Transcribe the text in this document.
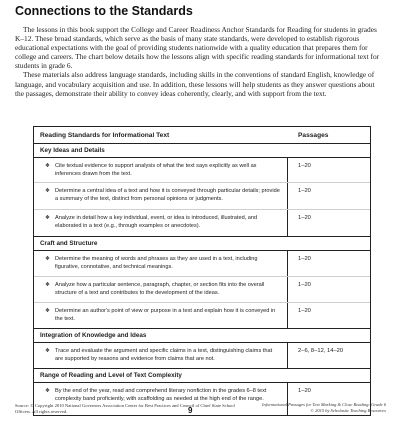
Connections to the Standards

The lessons in this book support the College and Career Readiness Anchor Standards for Reading for students in grades K–12. These broad standards, which serve as the basis of many state standards, were developed to establish rigorous educational expectations with the goal of providing students nationwide with a quality education that prepares them for college and careers. The chart below details how the lessons align with specific reading standards for informational text for students in grade 6.

These materials also address language standards, including skills in the conventions of standard English, knowledge of language, and vocabulary acquisition and use. In addition, these lessons will help students as they answer questions about the passages, demonstrate their ability to convey ideas coherently, clearly, and with support from the text.

Reading Standards for Informational Text	Passages
Key Ideas and Details
❖ Cite textual evidence to support analysis of what the text says explicitly as well as inferences drawn from the text.
1–20
❖ Determine a central idea of a text and how it is conveyed through particular details; provide a summary of the text, distinct from personal opinions or judgments.
1–20
❖ Analyze in detail how a key individual, event, or idea is introduced, illustrated, and elaborated in a text (e.g., through examples or anecdotes).
1–20
Craft and Structure
❖ Determine the meaning of words and phrases as they are used in a text, including figurative, connotative, and technical meanings.
1–20
❖ Analyze how a particular sentence, paragraph, chapter, or section fits into the overall structure of a text and contributes to the development of the ideas.
1–20
❖ Determine an author's point of view or purpose in a text and explain how it is conveyed in the text.
1–20
Integration of Knowledge and Ideas
❖ Trace and evaluate the argument and specific claims in a text, distinguishing claims that are supported by reasons and evidence from claims that are not.
2–6, 8–12, 14–20
Range of Reading and Level of Text Complexity
❖ By the end of the year, read and comprehend literary nonfiction in the grades 6–8 text complexity band proficiently, with scaffolding as needed at the high end of the range.
1–20
Source: © Copyright 2010 National Governors Association Center for Best Practices and Council of Chief State School Officers. All rights reserved.	9
Informational Passages for Text Marking & Close Reading: Grade 6
© 2015 by Scholastic Teaching Resources
